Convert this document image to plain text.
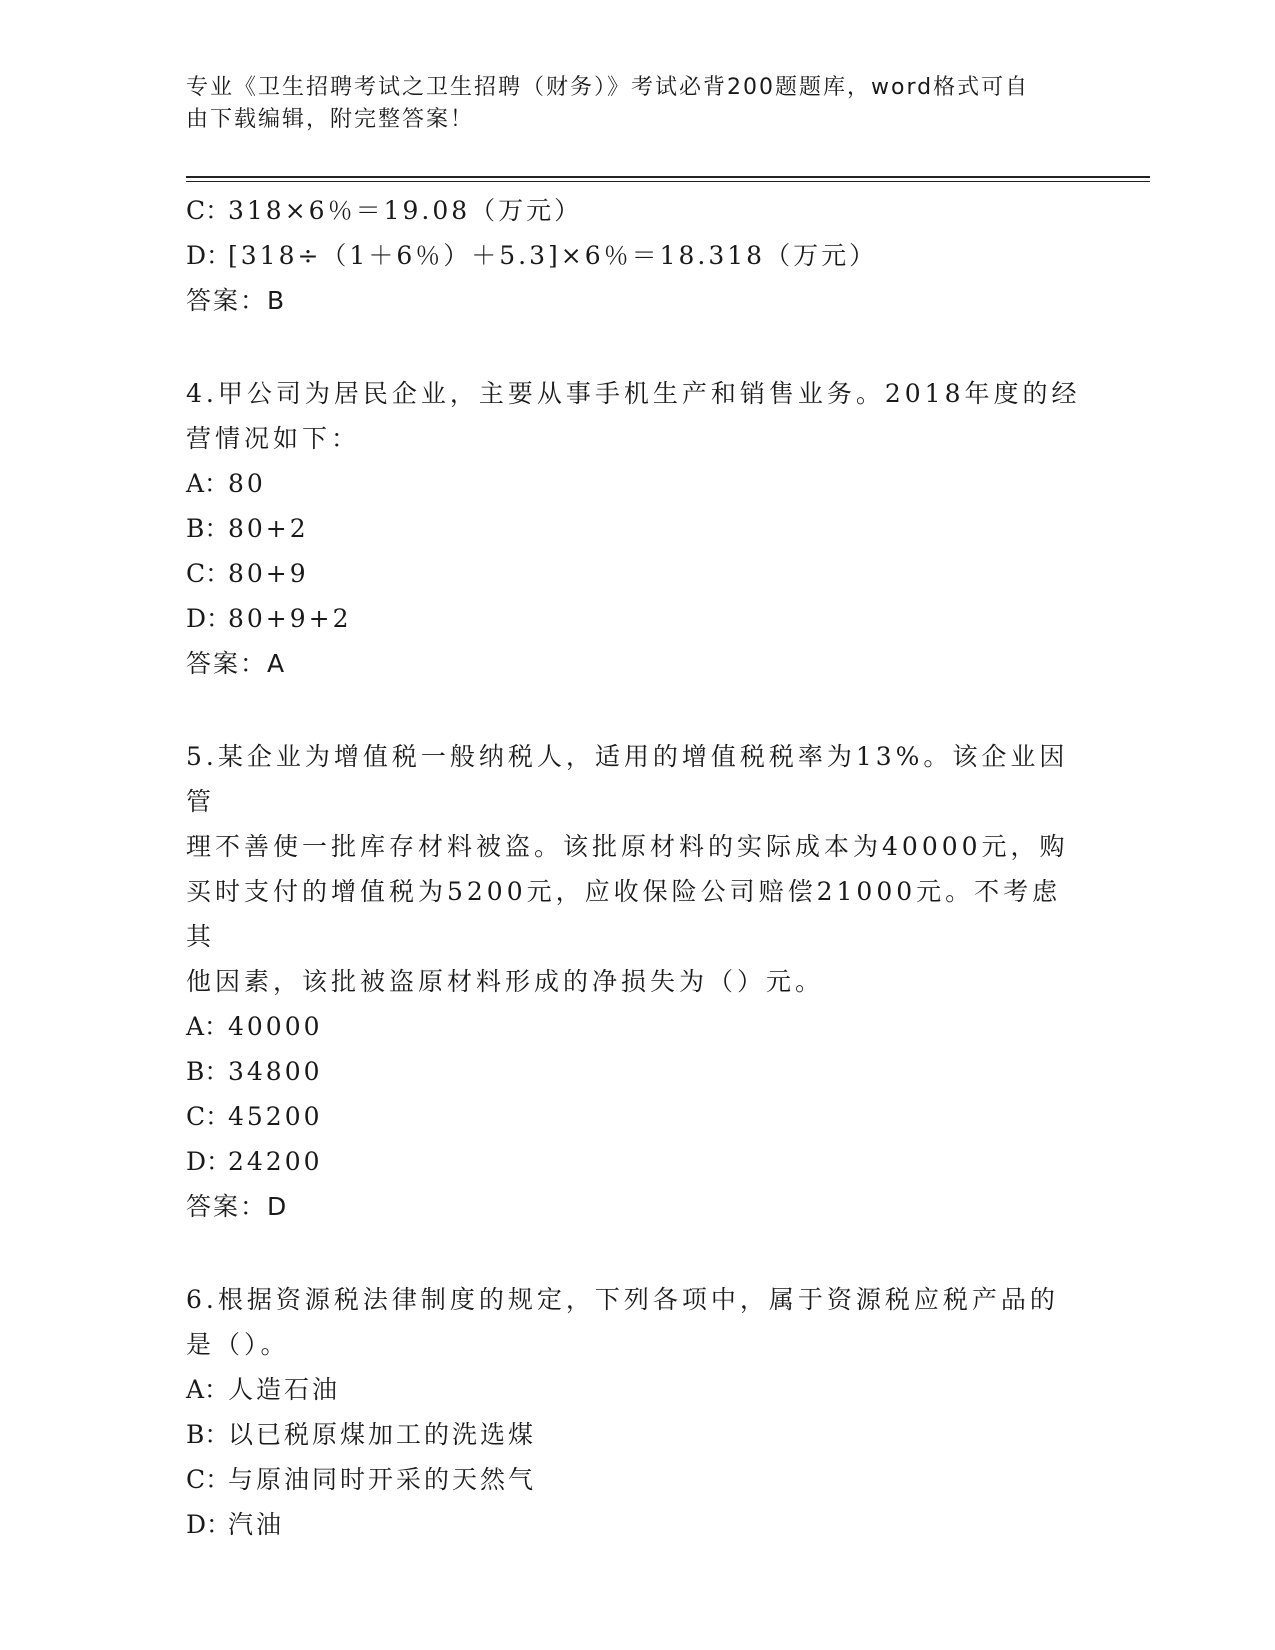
专业《卫生招聘考试之卫生招聘（财务）》考试必背200题题库，word格式可自
由下载编辑，附完整答案！
C：318×6％＝19.08（万元）
D：[318÷（1＋6％）＋5.3]×6％＝18.318（万元）
答案：B
4.甲公司为居民企业，主要从事手机生产和销售业务。2018年度的经
营情况如下：
A：80
B：80+2
C：80+9
D：80+9+2
答案：A
5.某企业为增值税一般纳税人，适用的增值税税率为13%。该企业因管
理不善使一批库存材料被盗。该批原材料的实际成本为40000元，购
买时支付的增值税为5200元，应收保险公司赔偿21000元。不考虑其
他因素，该批被盗原材料形成的净损失为（）元。
A：40000
B：34800
C：45200
D：24200
答案：D
6.根据资源税法律制度的规定，下列各项中，属于资源税应税产品的
是（）。
A：人造石油
B：以已税原煤加工的洗选煤
C：与原油同时开采的天然气
D：汽油
